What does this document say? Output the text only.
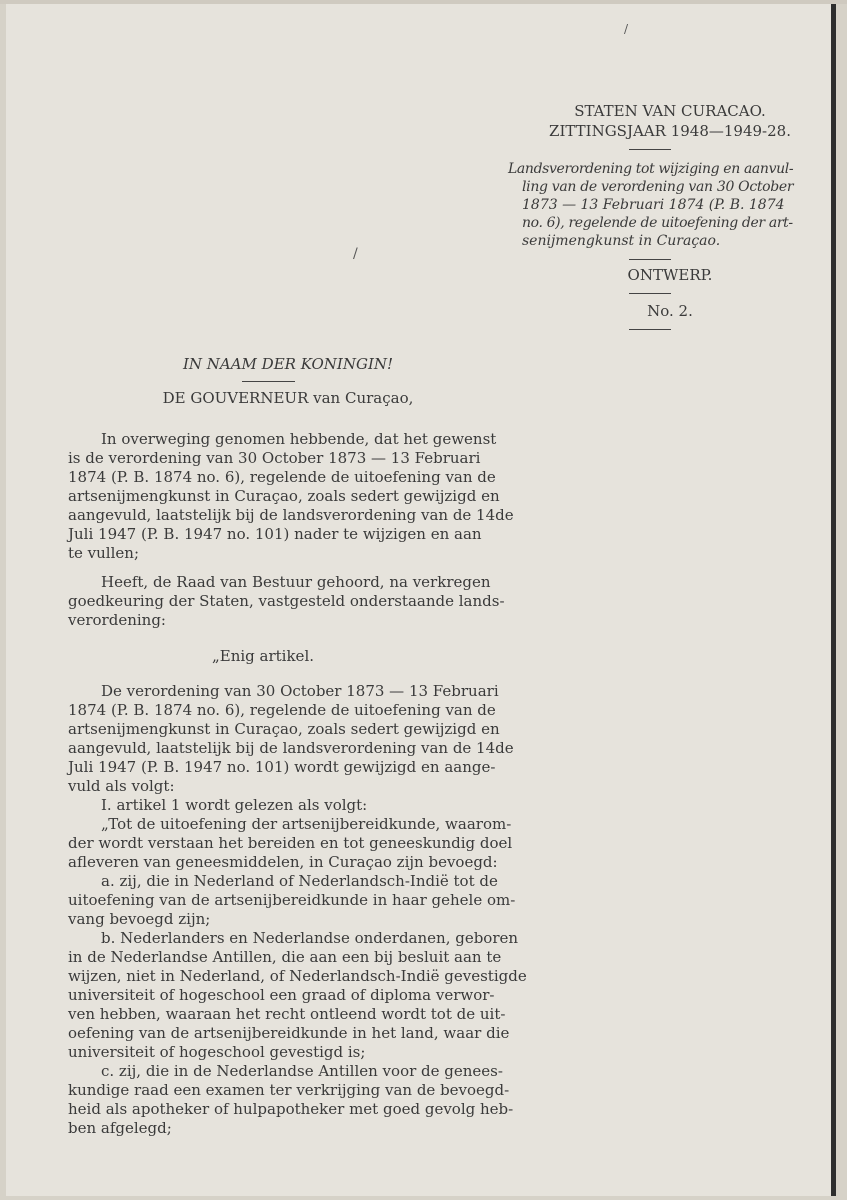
STATEN VAN CURACAO.
ZITTINGSJAAR 1948—1949-28.
Landsverordening tot wijziging en aanvul-
ling van de verordening van 30 October
1873 — 13 Februari 1874 (P. B. 1874
no. 6), regelende de uitoefening der art-
senijmengkunst in Curaçao.
ONTWERP.
No. 2.
/
/
IN NAAM DER KONINGIN!
DE GOUVERNEUR van Curaçao,
In overweging genomen hebbende, dat het gewenst
is de verordening van 30 October 1873 — 13 Februari
1874 (P. B. 1874 no. 6), regelende de uitoefening van de
artsenijmengkunst in Curaçao, zoals sedert gewijzigd en
aangevuld, laatstelijk bij de landsverordening van de 14de
Juli 1947 (P. B. 1947 no. 101) nader te wijzigen en aan
te vullen;
Heeft, de Raad van Bestuur gehoord, na verkregen
goedkeuring der Staten, vastgesteld onderstaande lands-
verordening:
„Enig artikel.
De verordening van 30 October 1873 — 13 Februari
1874 (P. B. 1874 no. 6), regelende de uitoefening van de
artsenijmengkunst in Curaçao, zoals sedert gewijzigd en
aangevuld, laatstelijk bij de landsverordening van de 14de
Juli 1947 (P. B. 1947 no. 101) wordt gewijzigd en aange-
vuld als volgt:
I. artikel 1 wordt gelezen als volgt:
„Tot de uitoefening der artsenijbereidkunde, waarom-
der wordt verstaan het bereiden en tot geneeskundig doel
afleveren van geneesmiddelen, in Curaçao zijn bevoegd:
a. zij, die in Nederland of Nederlandsch-Indië tot de
uitoefening van de artsenijbereidkunde in haar gehele om-
vang bevoegd zijn;
b. Nederlanders en Nederlandse onderdanen, geboren
in de Nederlandse Antillen, die aan een bij besluit aan te
wijzen, niet in Nederland, of Nederlandsch-Indië gevestigde
universiteit of hogeschool een graad of diploma verwor-
ven hebben, waaraan het recht ontleend wordt tot de uit-
oefening van de artsenijbereidkunde in het land, waar die
universiteit of hogeschool gevestigd is;
c. zij, die in de Nederlandse Antillen voor de genees-
kundige raad een examen ter verkrijging van de bevoegd-
heid als apotheker of hulpapotheker met goed gevolg heb-
ben afgelegd;
